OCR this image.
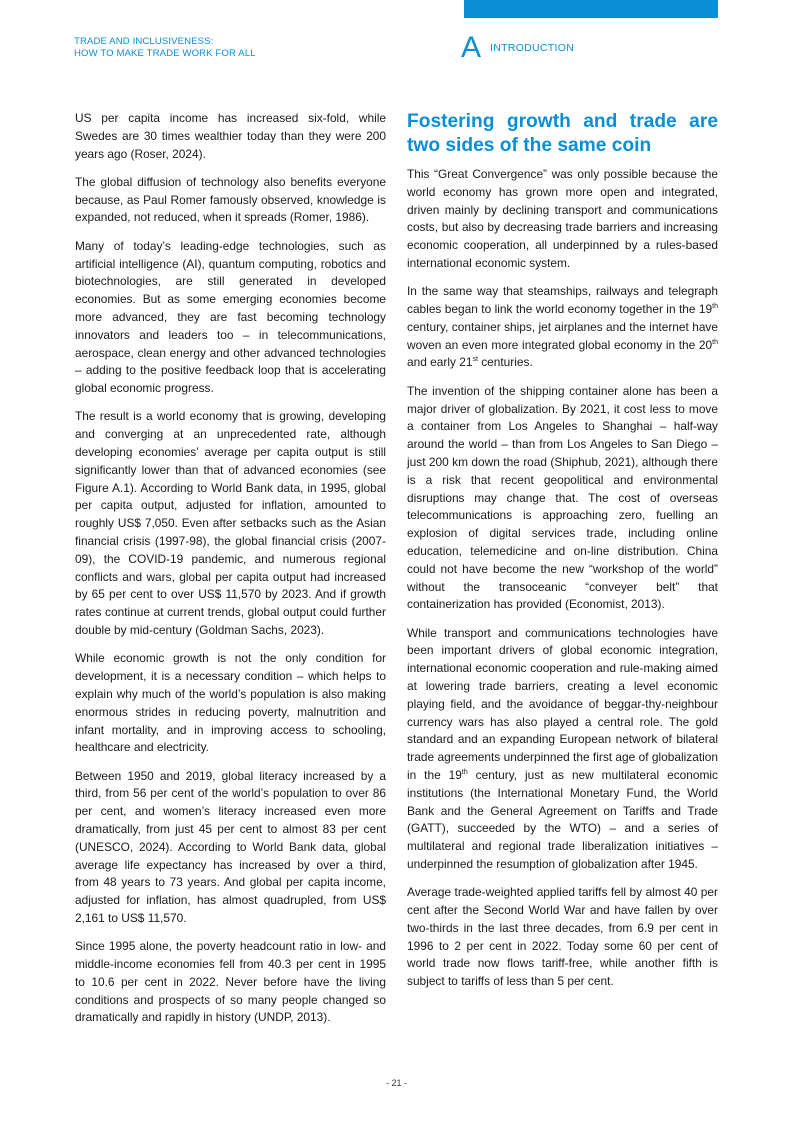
TRADE AND INCLUSIVENESS:
HOW TO MAKE TRADE WORK FOR ALL	A INTRODUCTION

US per capita income has increased six-fold, while Swedes are 30 times wealthier today than they were 200 years ago (Roser, 2024).

The global diffusion of technology also benefits everyone because, as Paul Romer famously observed, knowledge is expanded, not reduced, when it spreads (Romer, 1986).

Many of today’s leading-edge technologies, such as artificial intelligence (AI), quantum computing, robotics and biotechnologies, are still generated in developed economies. But as some emerging economies become more advanced, they are fast becoming technology innovators and leaders too – in telecommunications, aerospace, clean energy and other advanced technologies – adding to the positive feedback loop that is accelerating global economic progress.

The result is a world economy that is growing, developing and converging at an unprecedented rate, although developing economies’ average per capita output is still significantly lower than that of advanced economies (see Figure A.1). According to World Bank data, in 1995, global per capita output, adjusted for inflation, amounted to roughly US$ 7,050. Even after setbacks such as the Asian financial crisis (1997-98), the global financial crisis (2007-09), the COVID-19 pandemic, and numerous regional conflicts and wars, global per capita output had increased by 65 per cent to over US$ 11,570 by 2023. And if growth rates continue at current trends, global output could further double by mid-century (Goldman Sachs, 2023).

While economic growth is not the only condition for development, it is a necessary condition – which helps to explain why much of the world’s population is also making enormous strides in reducing poverty, malnutrition and infant mortality, and in improving access to schooling, healthcare and electricity.

Between 1950 and 2019, global literacy increased by a third, from 56 per cent of the world’s population to over 86 per cent, and women’s literacy increased even more dramatically, from just 45 per cent to almost 83 per cent (UNESCO, 2024). According to World Bank data, global average life expectancy has increased by over a third, from 48 years to 73 years. And global per capita income, adjusted for inflation, has almost quadrupled, from US$ 2,161 to US$ 11,570.

Since 1995 alone, the poverty headcount ratio in low- and middle-income economies fell from 40.3 per cent in 1995 to 10.6 per cent in 2022. Never before have the living conditions and prospects of so many people changed so dramatically and rapidly in history (UNDP, 2013).

Fostering growth and trade are two sides of the same coin

This “Great Convergence” was only possible because the world economy has grown more open and integrated, driven mainly by declining transport and communications costs, but also by decreasing trade barriers and increasing economic cooperation, all underpinned by a rules-based international economic system.

In the same way that steamships, railways and telegraph cables began to link the world economy together in the 19th century, container ships, jet airplanes and the internet have woven an even more integrated global economy in the 20th and early 21st centuries.

The invention of the shipping container alone has been a major driver of globalization. By 2021, it cost less to move a container from Los Angeles to Shanghai – half-way around the world – than from Los Angeles to San Diego – just 200 km down the road (Shiphub, 2021), although there is a risk that recent geopolitical and environmental disruptions may change that. The cost of overseas telecommunications is approaching zero, fuelling an explosion of digital services trade, including online education, telemedicine and on-line distribution. China could not have become the new “workshop of the world” without the transoceanic “conveyer belt” that containerization has provided (Economist, 2013).

While transport and communications technologies have been important drivers of global economic integration, international economic cooperation and rule-making aimed at lowering trade barriers, creating a level economic playing field, and the avoidance of beggar-thy-neighbour currency wars has also played a central role. The gold standard and an expanding European network of bilateral trade agreements underpinned the first age of globalization in the 19th century, just as new multilateral economic institutions (the International Monetary Fund, the World Bank and the General Agreement on Tariffs and Trade (GATT), succeeded by the WTO) – and a series of multilateral and regional trade liberalization initiatives – underpinned the resumption of globalization after 1945.

Average trade-weighted applied tariffs fell by almost 40 per cent after the Second World War and have fallen by over two-thirds in the last three decades, from 6.9 per cent in 1996 to 2 per cent in 2022. Today some 60 per cent of world trade now flows tariff-free, while another fifth is subject to tariffs of less than 5 per cent.

- 21 -
